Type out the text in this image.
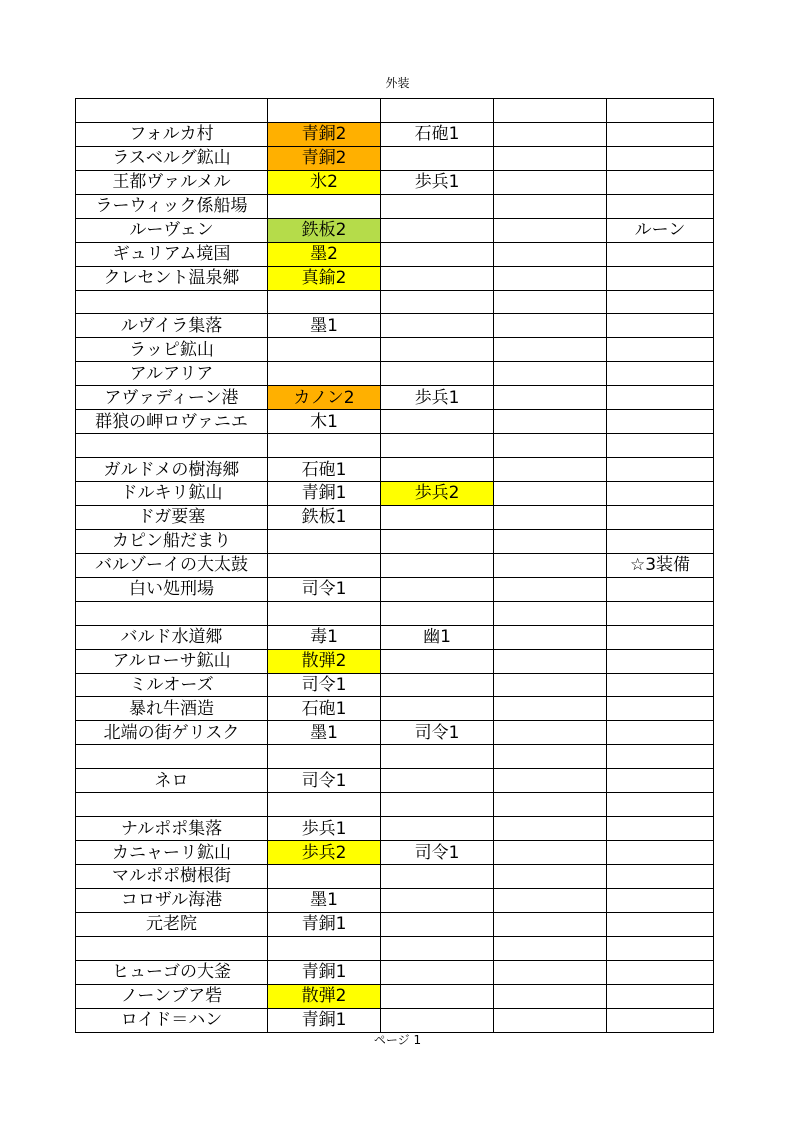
外装

フォルカ村	青銅2	石砲1		
ラスベルグ鉱山	青銅2			
王都ヴァルメル	氷2	歩兵1		
ラーウィック係船場				
ルーヴェン	鉄板2			ルーン
ギュリアム境国	墨2			
クレセント温泉郷	真鍮2			

ルヴイラ集落	墨1			
ラッピ鉱山				
アルアリア				
アヴァディーン港	カノン2	歩兵1		
群狼の岬ロヴァニエ	木1			

ガルドメの樹海郷	石砲1			
ドルキリ鉱山	青銅1	歩兵2		
ドガ要塞	鉄板1			
カピン船だまり				
バルゾーイの大太鼓				☆3装備
白い処刑場	司令1			

バルド水道郷	毒1	幽1		
アルローサ鉱山	散弾2			
ミルオーズ	司令1			
暴れ牛酒造	石砲1			
北端の街ゲリスク	墨1	司令1		

ネロ	司令1			

ナルポポ集落	歩兵1			
カニャーリ鉱山	歩兵2	司令1		
マルポポ樹根街				
コロザル海港	墨1			
元老院	青銅1			

ヒューゴの大釜	青銅1			
ノーンブア砦	散弾2			
ロイド＝ハン	青銅1			
ページ 1
